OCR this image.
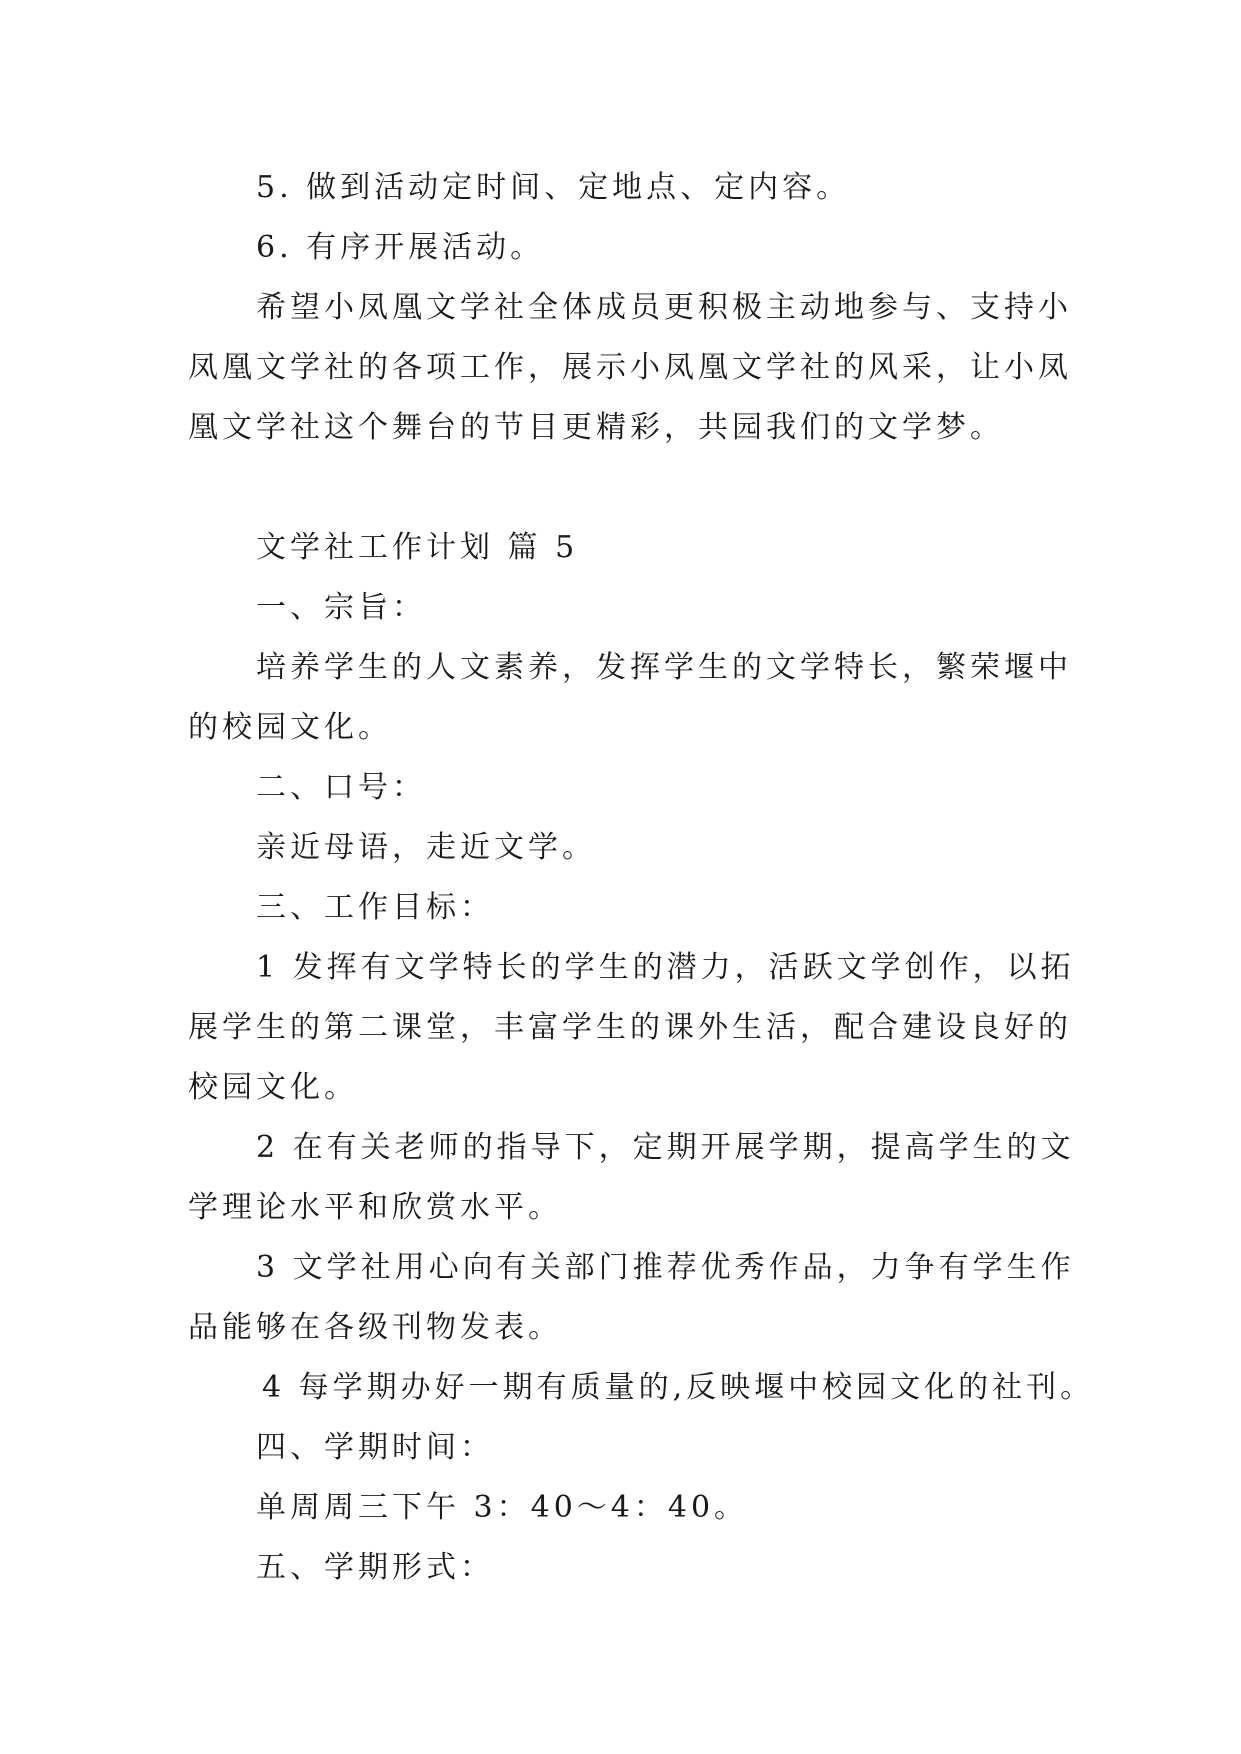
5. 做到活动定时间、定地点、定内容。
6. 有序开展活动。
希望小凤凰文学社全体成员更积极主动地参与、支持小
凤凰文学社的各项工作，展示小凤凰文学社的风采，让小凤
凰文学社这个舞台的节目更精彩，共园我们的文学梦。
文学社工作计划 篇 5
一、宗旨：
培养学生的人文素养，发挥学生的文学特长，繁荣堰中
的校园文化。
二、口号：
亲近母语，走近文学。
三、工作目标：
1 发挥有文学特长的学生的潜力，活跃文学创作，以拓
展学生的第二课堂，丰富学生的课外生活，配合建设良好的
校园文化。
2 在有关老师的指导下，定期开展学期，提高学生的文
学理论水平和欣赏水平。
3 文学社用心向有关部门推荐优秀作品，力争有学生作
品能够在各级刊物发表。
4 每学期办好一期有质量的,反映堰中校园文化的社刊。
四、学期时间：
单周周三下午 3：40～4：40。
五、学期形式：
